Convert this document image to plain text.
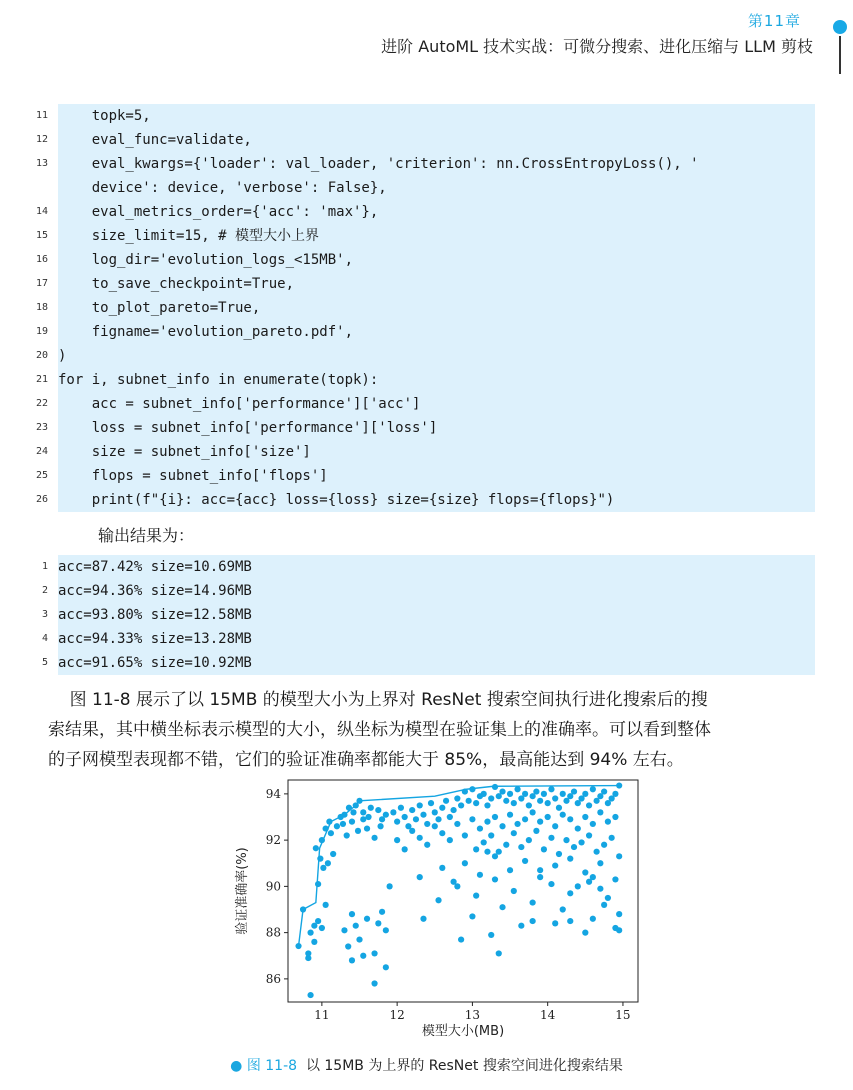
第11章
进阶 AutoML 技术实战：可微分搜索、进化压缩与 LLM 剪枝
11 topk=5,
12 eval_func=validate,
13 eval_kwargs={'loader': val_loader, 'criterion': nn.CrossEntropyLoss(), '
device': device, 'verbose': False},
14 eval_metrics_order={'acc': 'max'},
15 size_limit=15, # 模型大小上界
16 log_dir='evolution_logs_<15MB',
17 to_save_checkpoint=True,
18 to_plot_pareto=True,
19 figname='evolution_pareto.pdf',
20 )
21 for i, subnet_info in enumerate(topk):
22 acc = subnet_info['performance']['acc']
23 loss = subnet_info['performance']['loss']
24 size = subnet_info['size']
25 flops = subnet_info['flops']
26 print(f"{i}: acc={acc} loss={loss} size={size} flops={flops}")
输出结果为：
1 acc=87.42% size=10.69MB
2 acc=94.36% size=14.96MB
3 acc=93.80% size=12.58MB
4 acc=94.33% size=13.28MB
5 acc=91.65% size=10.92MB
图 11-8 展示了以 15MB 的模型大小为上界对 ResNet 搜索空间执行进化搜索后的搜
索结果，其中横坐标表示模型的大小，纵坐标为模型在验证集上的准确率。可以看到整体
的子网模型表现都不错，它们的验证准确率都能大于 85%，最高能达到 94% 左右。
11	12	13	14	15
86
88
90
92
94
模型大小(MB)
验证准确率(%)
● 图 11-8 以 15MB 为上界的 ResNet 搜索空间进化搜索结果
